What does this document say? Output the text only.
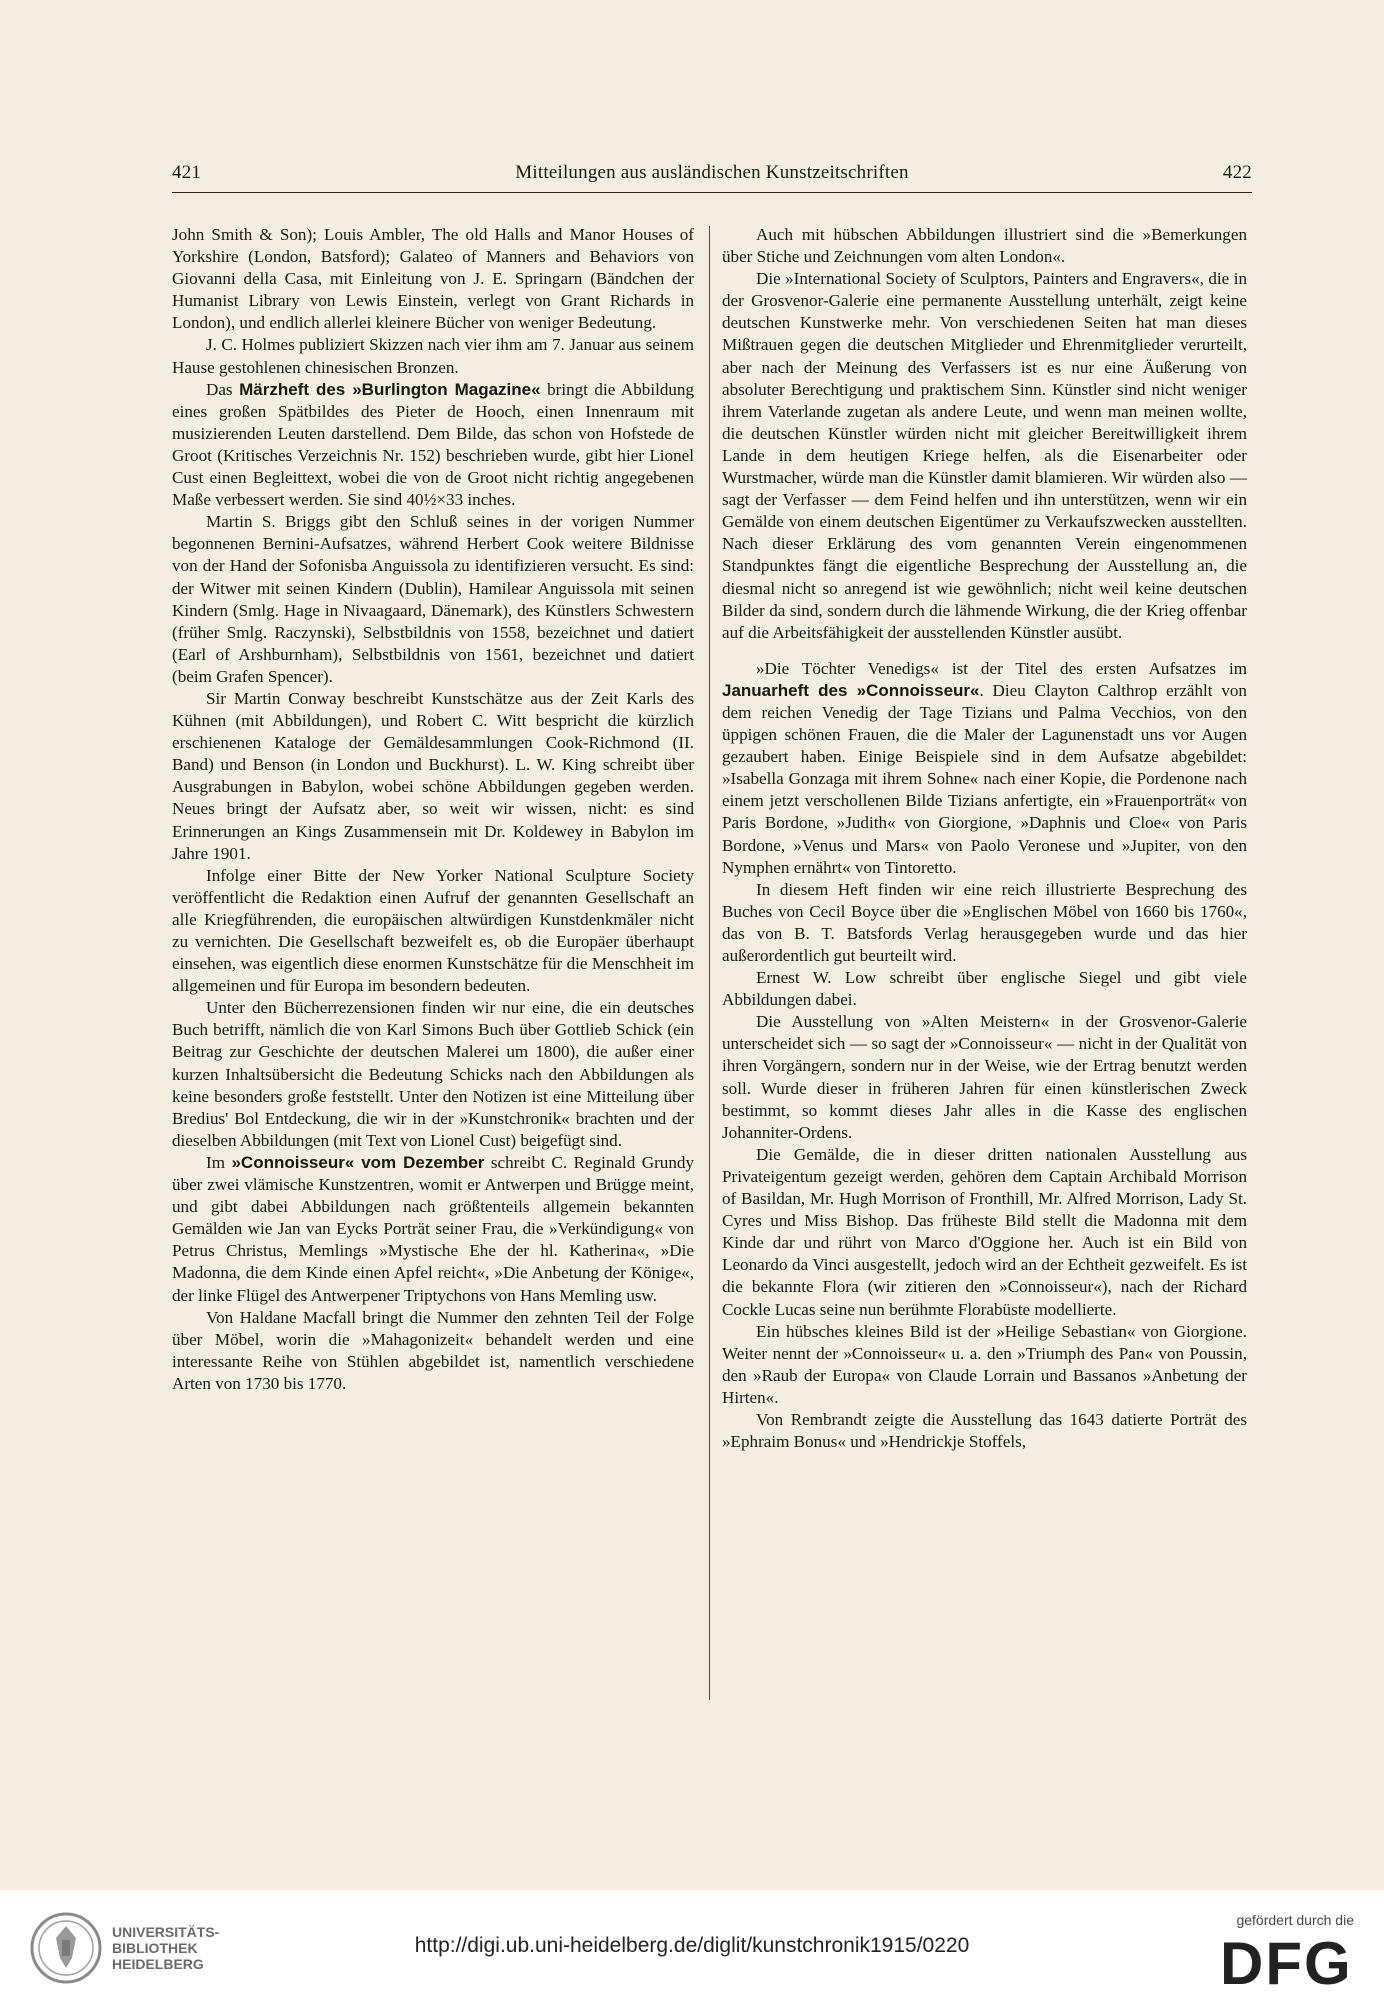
421	Mitteilungen aus ausländischen Kunstzeitschriften	422

John Smith & Son); Louis Ambler, The old Halls and Manor Houses of Yorkshire (London, Batsford); Galateo of Manners and Behaviors von Giovanni della Casa, mit Einleitung von J. E. Springarn (Bändchen der Humanist Library von Lewis Einstein, verlegt von Grant Richards in London), und endlich allerlei kleinere Bücher von weniger Bedeutung.

J. C. Holmes publiziert Skizzen nach vier ihm am 7. Januar aus seinem Hause gestohlenen chinesischen Bronzen.

Das Märzheft des »Burlington Magazine« bringt die Abbildung eines großen Spätbildes des Pieter de Hooch, einen Innenraum mit musizierenden Leuten darstellend. Dem Bilde, das schon von Hofstede de Groot (Kritisches Verzeichnis Nr. 152) beschrieben wurde, gibt hier Lionel Cust einen Begleittext, wobei die von de Groot nicht richtig angegebenen Maße verbessert werden. Sie sind 40½×33 inches.

Martin S. Briggs gibt den Schluß seines in der vorigen Nummer begonnenen Bernini-Aufsatzes, während Herbert Cook weitere Bildnisse von der Hand der Sofonisba Anguissola zu identifizieren versucht. Es sind: der Witwer mit seinen Kindern (Dublin), Hamilear Anguissola mit seinen Kindern (Smlg. Hage in Nivaagaard, Dänemark), des Künstlers Schwestern (früher Smlg. Raczynski), Selbstbildnis von 1558, bezeichnet und datiert (Earl of Arshburnham), Selbstbildnis von 1561, bezeichnet und datiert (beim Grafen Spencer).

Sir Martin Conway beschreibt Kunstschätze aus der Zeit Karls des Kühnen (mit Abbildungen), und Robert C. Witt bespricht die kürzlich erschienenen Kataloge der Gemäldesammlungen Cook-Richmond (II. Band) und Benson (in London und Buckhurst). L. W. King schreibt über Ausgrabungen in Babylon, wobei schöne Abbildungen gegeben werden. Neues bringt der Aufsatz aber, so weit wir wissen, nicht: es sind Erinnerungen an Kings Zusammensein mit Dr. Koldewey in Babylon im Jahre 1901.

Infolge einer Bitte der New Yorker National Sculpture Society veröffentlicht die Redaktion einen Aufruf der genannten Gesellschaft an alle Kriegführenden, die europäischen altwürdigen Kunstdenkmäler nicht zu vernichten. Die Gesellschaft bezweifelt es, ob die Europäer überhaupt einsehen, was eigentlich diese enormen Kunstschätze für die Menschheit im allgemeinen und für Europa im besondern bedeuten.

Unter den Bücherrezensionen finden wir nur eine, die ein deutsches Buch betrifft, nämlich die von Karl Simons Buch über Gottlieb Schick (ein Beitrag zur Geschichte der deutschen Malerei um 1800), die außer einer kurzen Inhaltsübersicht die Bedeutung Schicks nach den Abbildungen als keine besonders große feststellt. Unter den Notizen ist eine Mitteilung über Bredius' Bol Entdeckung, die wir in der »Kunstchronik« brachten und der dieselben Abbildungen (mit Text von Lionel Cust) beigefügt sind.

Im »Connoisseur« vom Dezember schreibt C. Reginald Grundy über zwei vlämische Kunstzentren, womit er Antwerpen und Brügge meint, und gibt dabei Abbildungen nach größtenteils allgemein bekannten Gemälden wie Jan van Eycks Porträt seiner Frau, die »Verkündigung« von Petrus Christus, Memlings »Mystische Ehe der hl. Katherina«, »Die Madonna, die dem Kinde einen Apfel reicht«, »Die Anbetung der Könige«, der linke Flügel des Antwerpener Triptychons von Hans Memling usw.

Von Haldane Macfall bringt die Nummer den zehnten Teil der Folge über Möbel, worin die »Mahagonizeit« behandelt werden und eine interessante Reihe von Stühlen abgebildet ist, namentlich verschiedene Arten von 1730 bis 1770.

Auch mit hübschen Abbildungen illustriert sind die »Bemerkungen über Stiche und Zeichnungen vom alten London«.

Die »International Society of Sculptors, Painters and Engravers«, die in der Grosvenor-Galerie eine permanente Ausstellung unterhält, zeigt keine deutschen Kunstwerke mehr. Von verschiedenen Seiten hat man dieses Mißtrauen gegen die deutschen Mitglieder und Ehrenmitglieder verurteilt, aber nach der Meinung des Verfassers ist es nur eine Äußerung von absoluter Berechtigung und praktischem Sinn. Künstler sind nicht weniger ihrem Vaterlande zugetan als andere Leute, und wenn man meinen wollte, die deutschen Künstler würden nicht mit gleicher Bereitwilligkeit ihrem Lande in dem heutigen Kriege helfen, als die Eisenarbeiter oder Wurstmacher, würde man die Künstler damit blamieren. Wir würden also — sagt der Verfasser — dem Feind helfen und ihn unterstützen, wenn wir ein Gemälde von einem deutschen Eigentümer zu Verkaufszwecken ausstellten. Nach dieser Erklärung des vom genannten Verein eingenommenen Standpunktes fängt die eigentliche Besprechung der Ausstellung an, die diesmal nicht so anregend ist wie gewöhnlich; nicht weil keine deutschen Bilder da sind, sondern durch die lähmende Wirkung, die der Krieg offenbar auf die Arbeitsfähigkeit der ausstellenden Künstler ausübt.

»Die Töchter Venedigs« ist der Titel des ersten Aufsatzes im Januarheft des »Connoisseur«. Dieu Clayton Calthrop erzählt von dem reichen Venedig der Tage Tizians und Palma Vecchios, von den üppigen schönen Frauen, die die Maler der Lagunenstadt uns vor Augen gezaubert haben. Einige Beispiele sind in dem Aufsatze abgebildet: »Isabella Gonzaga mit ihrem Sohne« nach einer Kopie, die Pordenone nach einem jetzt verschollenen Bilde Tizians anfertigte, ein »Frauenporträt« von Paris Bordone, »Judith« von Giorgione, »Daphnis und Cloe« von Paris Bordone, »Venus und Mars« von Paolo Veronese und »Jupiter, von den Nymphen ernährt« von Tintoretto.

In diesem Heft finden wir eine reich illustrierte Besprechung des Buches von Cecil Boyce über die »Englischen Möbel von 1660 bis 1760«, das von B. T. Batsfords Verlag herausgegeben wurde und das hier außerordentlich gut beurteilt wird.

Ernest W. Low schreibt über englische Siegel und gibt viele Abbildungen dabei.

Die Ausstellung von »Alten Meistern« in der Grosvenor-Galerie unterscheidet sich — so sagt der »Connoisseur« — nicht in der Qualität von ihren Vorgängern, sondern nur in der Weise, wie der Ertrag benutzt werden soll. Wurde dieser in früheren Jahren für einen künstlerischen Zweck bestimmt, so kommt dieses Jahr alles in die Kasse des englischen Johanniter-Ordens.

Die Gemälde, die in dieser dritten nationalen Ausstellung aus Privateigentum gezeigt werden, gehören dem Captain Archibald Morrison of Basildan, Mr. Hugh Morrison of Fronthill, Mr. Alfred Morrison, Lady St. Cyres und Miss Bishop. Das früheste Bild stellt die Madonna mit dem Kinde dar und rührt von Marco d'Oggione her. Auch ist ein Bild von Leonardo da Vinci ausgestellt, jedoch wird an der Echtheit gezweifelt. Es ist die bekannte Flora (wir zitieren den »Connoisseur«), nach der Richard Cockle Lucas seine nun berühmte Florabüste modellierte.

Ein hübsches kleines Bild ist der »Heilige Sebastian« von Giorgione. Weiter nennt der »Connoisseur« u. a. den »Triumph des Pan« von Poussin, den »Raub der Europa« von Claude Lorrain und Bassanos »Anbetung der Hirten«.

Von Rembrandt zeigte die Ausstellung das 1643 datierte Porträt des »Ephraim Bonus« und »Hendrickje Stoffels,

UNIVERSITÄTS-
BIBLIOTHEK
HEIDELBERG
http://digi.ub.uni-heidelberg.de/diglit/kunstchronik1915/0220
gefördert durch die
DFG
